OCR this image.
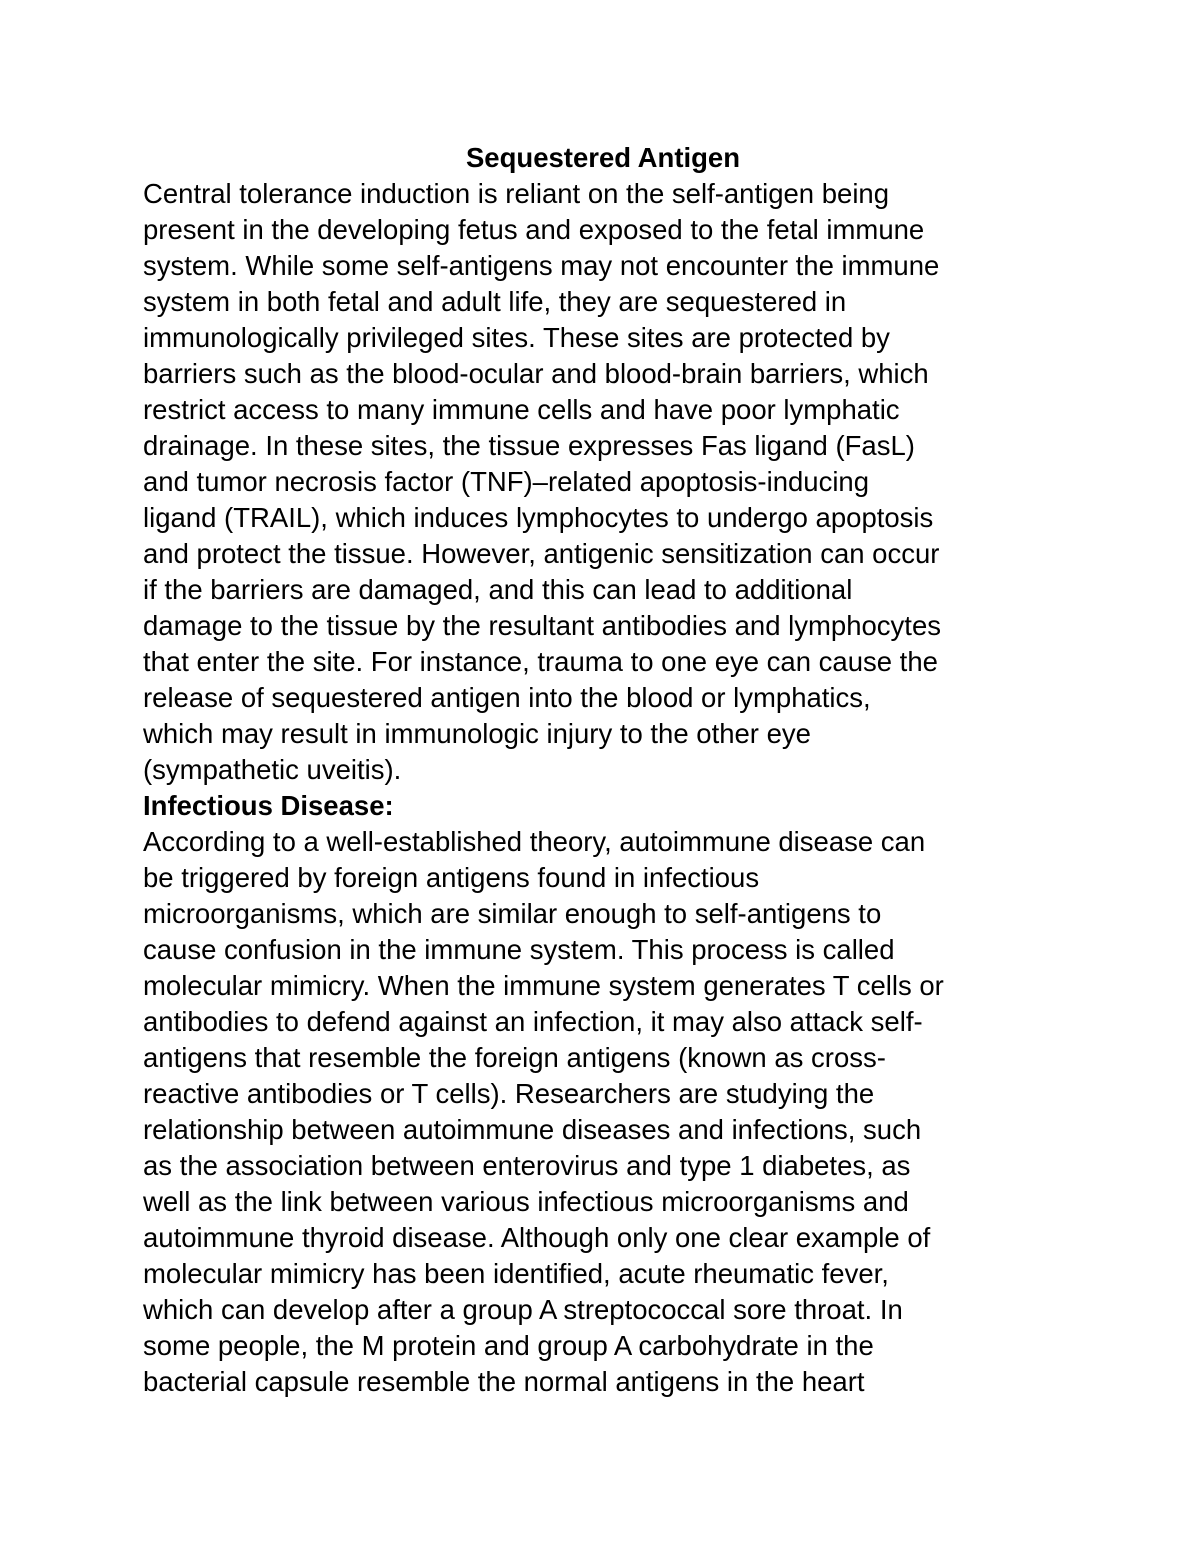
Sequestered Antigen
Central tolerance induction is reliant on the self-antigen being
present in the developing fetus and exposed to the fetal immune
system. While some self-antigens may not encounter the immune
system in both fetal and adult life, they are sequestered in
immunologically privileged sites. These sites are protected by
barriers such as the blood-ocular and blood-brain barriers, which
restrict access to many immune cells and have poor lymphatic
drainage. In these sites, the tissue expresses Fas ligand (FasL)
and tumor necrosis factor (TNF)–related apoptosis-inducing
ligand (TRAIL), which induces lymphocytes to undergo apoptosis
and protect the tissue. However, antigenic sensitization can occur
if the barriers are damaged, and this can lead to additional
damage to the tissue by the resultant antibodies and lymphocytes
that enter the site. For instance, trauma to one eye can cause the
release of sequestered antigen into the blood or lymphatics,
which may result in immunologic injury to the other eye
(sympathetic uveitis).
Infectious Disease:
According to a well-established theory, autoimmune disease can
be triggered by foreign antigens found in infectious
microorganisms, which are similar enough to self-antigens to
cause confusion in the immune system. This process is called
molecular mimicry. When the immune system generates T cells or
antibodies to defend against an infection, it may also attack self-
antigens that resemble the foreign antigens (known as cross-
reactive antibodies or T cells). Researchers are studying the
relationship between autoimmune diseases and infections, such
as the association between enterovirus and type 1 diabetes, as
well as the link between various infectious microorganisms and
autoimmune thyroid disease. Although only one clear example of
molecular mimicry has been identified, acute rheumatic fever,
which can develop after a group A streptococcal sore throat. In
some people, the M protein and group A carbohydrate in the
bacterial capsule resemble the normal antigens in the heart
